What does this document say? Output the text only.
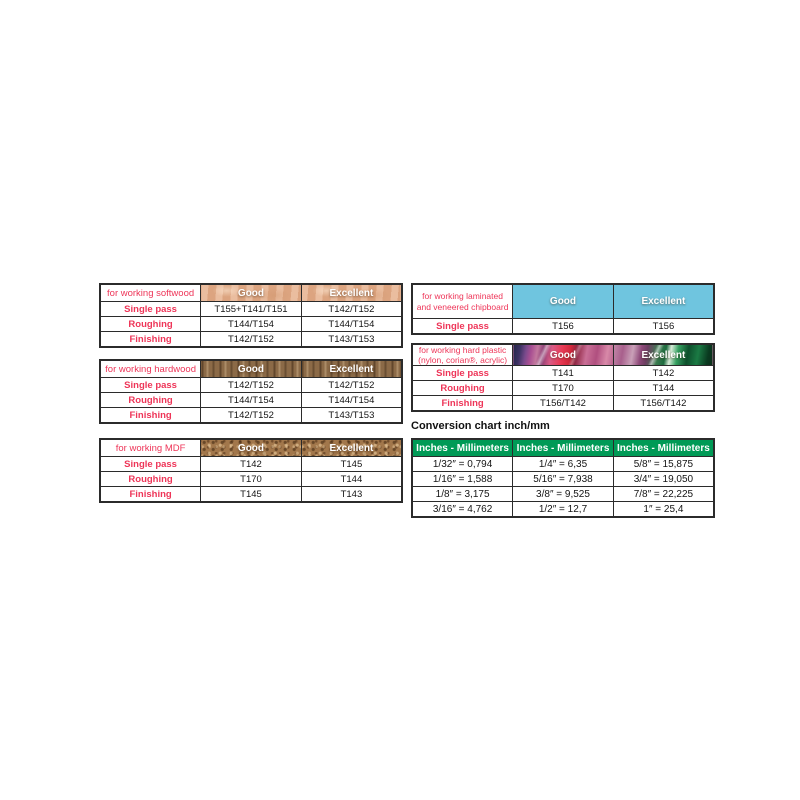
for working softwood	Good	Excellent
Single pass	T155+T141/T151	T142/T152
Roughing	T144/T154	T144/T154
Finishing	T142/T152	T143/T153
for working hardwood	Good	Excellent
Single pass	T142/T152	T142/T152
Roughing	T144/T154	T144/T154
Finishing	T142/T152	T143/T153
for working MDF	Good	Excellent
Single pass	T142	T145
Roughing	T170	T144
Finishing	T145	T143
for working laminated and veneered chipboard	Good	Excellent
Single pass	T156	T156
for working hard plastic (nylon, corian®, acrylic)	Good	Excellent
Single pass	T141	T142
Roughing	T170	T144
Finishing	T156/T142	T156/T142
Conversion chart inch/mm
Inches - Millimeters	Inches - Millimeters	Inches - Millimeters
1/32″ = 0,794	1/4″ = 6,35	5/8″ = 15,875
1/16″ = 1,588	5/16″ = 7,938	3/4″ = 19,050
1/8″ = 3,175	3/8″ = 9,525	7/8″ = 22,225
3/16″ = 4,762	1/2″ = 12,7	1″ = 25,4
